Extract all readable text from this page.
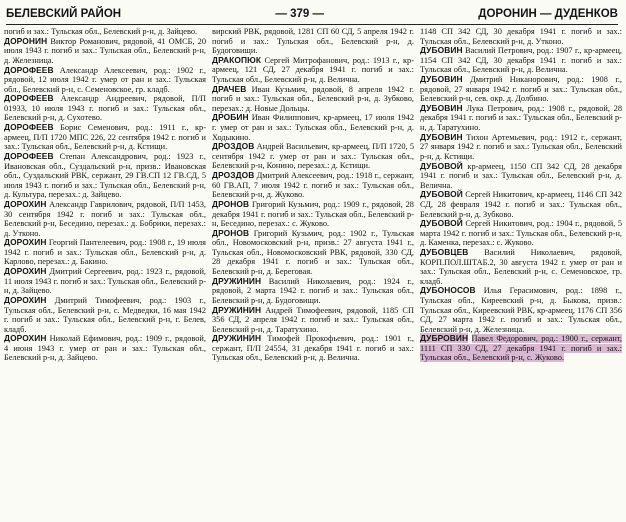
БЕЛЕВСКИЙ РАЙОН	— 379 —	ДОРОНИН — ДУДЕНКОВ

погиб и зах.: Тульская обл., Белевский р-н, д. Зайцево.

ДОРОНИН Виктор Романович, рядовой, 41 ОМСБ, 20 июля 1943 г. погиб и зах.: Тульская обл., Белевский р-н, д. Железница.

ДОРОФЕЕВ Александр Алексеевич, род.: 1902 г., рядовой, 12 июля 1942 г. умер от ран и зах.: Тульская обл., Белевский р-н, с. Семеновское, гр. кладб.

ДОРОФЕЕВ Александр Андреевич, рядовой, П/П 01933, 10 июля 1943 г. погиб и зах.: Тульская обл., Белевский р-н, д. Сухотево.

ДОРОФЕЕВ Борис Семенович, род.: 1911 г., кр-армеец, П/П 1720 МПС 226, 22 сентября 1942 г. погиб и зах.: Тульская обл., Белевский р-н, д. Кстищи.

ДОРОФЕЕВ Степан Александрович, род.: 1923 г., Ивановская обл., Суздальский р-н, призв.: Ивановская обл., Суздальский РВК, сержант, 29 ГВ.СП 12 ГВ.СД, 5 июля 1943 г. погиб и зах.: Тульская обл., Белевский р-н, д. Культура, перезах.: д. Зайцево.

ДОРОХИН Александр Гаврилович, рядовой, П/П 1453, 30 сентября 1942 г. погиб и зах.: Тульская обл., Белевский р-н, Беседино, перезах.: д. Бобрики, перезах.: д. Утконо.

ДОРОХИН Георгий Пантелеевич, род.: 1908 г., 19 июля 1942 г. погиб и зах.: Тульская обл., Белевский р-н, д. Карлово, перезах.: д. Бакино.

ДОРОХИН Дмитрий Сергеевич, род.: 1923 г., рядовой, 11 июля 1943 г. погиб и зах.: Тульская обл., Белевский р-н, д. Зайцево.

ДОРОХИН Дмитрий Тимофеевич, род.: 1903 г., Тульская обл., Белевский р-н, с. Медведки, 16 мая 1942 г. погиб и зах.: Тульская обл., Белевский р-н, г. Белев, кладб.

ДОРОХИН Николай Ефимович, род.: 1909 г., рядовой, 4 июня 1943 г. умер от ран и зах.: Тульская обл., Белевский р-н, д. Зайцево.

вирский РВК, рядовой, 1281 СП 60 СД, 5 апреля 1942 г. погиб и зах.: Тульская обл., Белевский р-н, д. Будоговищи.

ДРАКОПЮК Сергей Митрофанович, род.: 1913 г., кр-армеец, 121 СД, 27 декабря 1941 г. погиб и зах.: Тульская обл., Белевский р-н, д. Велична.

ДРАЧЕВ Иван Кузьмич, рядовой, 8 апреля 1942 г. погиб и зах.: Тульская обл., Белевский р-н, д. Зубково, перезах.: д. Новые Дольцы.

ДРОБИН Иван Филиппович, кр-армеец, 17 июля 1942 г. умер от ран и зах.: Тульская обл., Белевский р-н, д. Ходыкино.

ДРОЗДОВ Андрей Васильевич, кр-армеец, П/П 1720, 5 сентября 1942 г. умер от ран и зах.: Тульская обл., Белевский р-н, Конино, перезах.: д. Кстищи.

ДРОЗДОВ Дмитрий Алексеевич, род.: 1918 г., сержант, 60 ГВ.АП, 7 июля 1942 г. погиб и зах.: Тульская обл., Белевский р-н, д. Жуково.

ДРОНОВ Григорий Кузьмич, род.: 1909 г., рядовой, 28 декабря 1941 г. погиб и зах.: Тульская обл., Белевский р-н, Беседино, перезах.: с. Жуково.

ДРОНОВ Григорий Кузьмич, род.: 1902 г., Тульская обл., Новомосковский р-н, призв.: 27 августа 1941 г., Тульская обл., Новомосковский РВК, рядовой, 330 СД, 28 декабря 1941 г. погиб и зах.: Тульская обл., Белевский р-н, д. Береговая.

ДРУЖИНИН Василий Николаевич, род.: 1924 г., рядовой, 2 марта 1942 г. погиб и зах.: Тульская обл., Белевский р-н, д. Будоговищи.

ДРУЖИНИН Андрей Тимофеевич, рядовой, 1185 СП 356 СД, 2 апреля 1942 г. погиб и зах.: Тульская обл., Белевский р-н, д. Таратухино.

ДРУЖИНИН Тимофей Прокофьевич, род.: 1901 г., сержант, П/П 24554, 31 декабря 1941 г. погиб и зах.: Тульская обл., Белевский р-н, д. Велична.

1148 СП 342 СД, 30 декабря 1941 г. погиб и зах.: Тульская обл., Белевский р-н, д. Утконо.

ДУБОВИН Василий Петрович, род.: 1907 г., кр-армеец, 1154 СП 342 СД, 30 декабря 1941 г. погиб и зах.: Тульская обл., Белевский р-н, д. Велична.

ДУБОВИН Дмитрий Никанорович, род.: 1908 г., рядовой, 27 января 1942 г. погиб и зах.: Тульская обл., Белевский р-н, сев. окр. д. Долбино.

ДУБОВИН Лука Петрович, род.: 1908 г., рядовой, 28 декабря 1941 г. погиб и зах.: Тульская обл., Белевский р-н, д. Таратухино.

ДУБОВИН Тихон Артемьевич, род.: 1912 г., сержант, 27 января 1942 г. погиб и зах.: Тульская обл., Белевский р-н, д. Кстищи.

ДУБОВОЙ кр-армеец, 1150 СП 342 СД, 28 декабря 1941 г. погиб и зах.: Тульская обл., Белевский р-н, д. Велична.

ДУБОВОЙ Сергей Никитович, кр-армеец, 1146 СП 342 СД, 28 февраля 1942 г. погиб и зах.: Тульская обл., Белевский р-н, д. Зубково.

ДУБОВОЙ Сергей Никитович, род.: 1904 г., рядовой, 5 марта 1942 г. погиб и зах.: Тульская обл., Белевский р-н, д. Каменка, перезах.: с. Жуково.

ДУБОВЦЕВ Василий Николаевич, рядовой, КОРП.ПОЛ.ШТАБ.2, 30 августа 1942 г. умер от ран и зах.: Тульская обл., Белевский р-н, с. Семеновское, гр. кладб.

ДУБОНОСОВ Илья Герасимович, род.: 1898 г., Тульская обл., Киреевский р-н, д. Быкова, призв.: Тульская обл., Киреевский РВК, кр-армеец, 1176 СП 356 СД, 27 марта 1942 г. погиб и зах.: Тульская обл., Белевский р-н, д. Железница.

ДУБРОВИН Павел Федорович, род.: 1900 г., сержант, 1111 СП 330 СД, 27 декабря 1941 г. погиб и зах.: Тульская обл., Белевский р-н, с. Жуково.
